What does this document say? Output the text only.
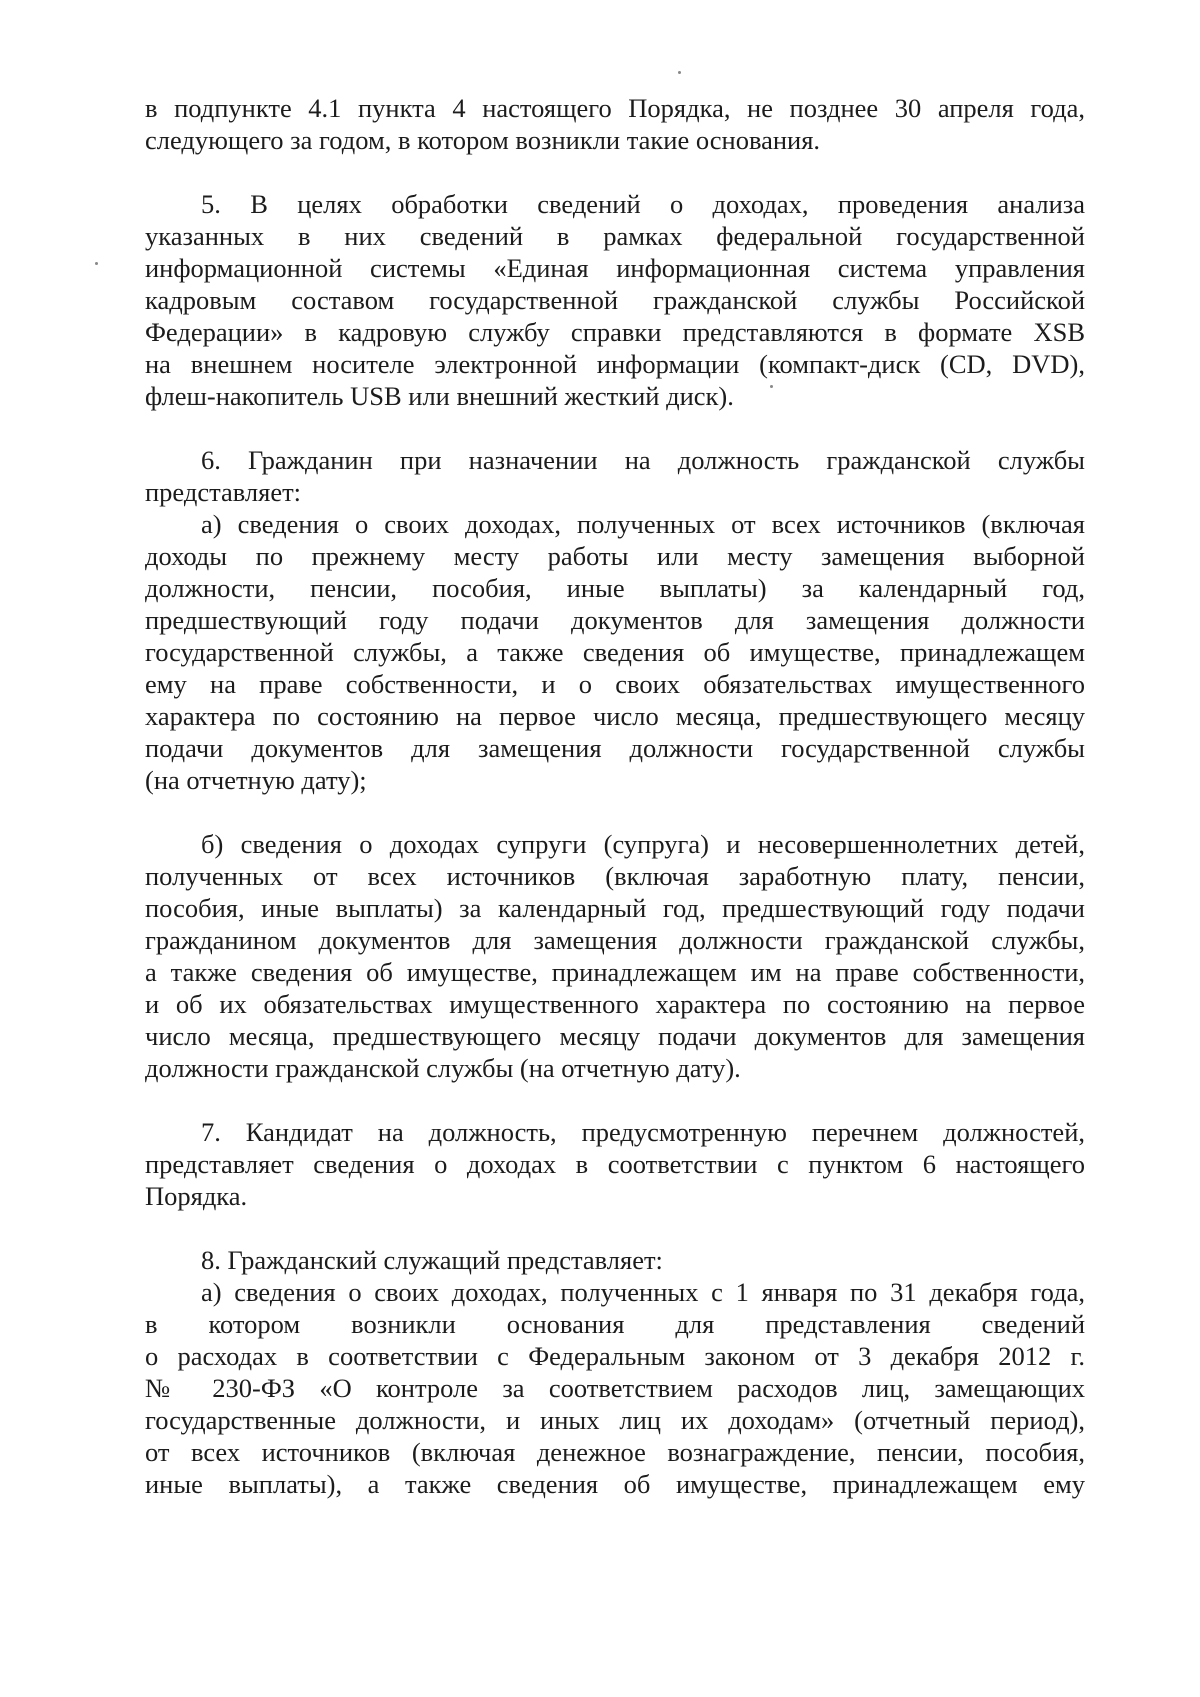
в подпункте 4.1 пункта 4 настоящего Порядка, не позднее 30 апреля года,
следующего за годом, в котором возникли такие основания.

5. В целях обработки сведений о доходах, проведения анализа
указанных в них сведений в рамках федеральной государственной
информационной системы «Единая информационная система управления
кадровым составом государственной гражданской службы Российской
Федерации» в кадровую службу справки представляются в формате XSB
на внешнем носителе электронной информации (компакт-диск (CD, DVD),
флеш-накопитель USB или внешний жесткий диск).

6. Гражданин при назначении на должность гражданской службы
представляет:

а) сведения о своих доходах, полученных от всех источников (включая
доходы по прежнему месту работы или месту замещения выборной
должности, пенсии, пособия, иные выплаты) за календарный год,
предшествующий году подачи документов для замещения должности
государственной службы, а также сведения об имуществе, принадлежащем
ему на праве собственности, и о своих обязательствах имущественного
характера по состоянию на первое число месяца, предшествующего месяцу
подачи документов для замещения должности государственной службы
(на отчетную дату);

б) сведения о доходах супруги (супруга) и несовершеннолетних детей,
полученных от всех источников (включая заработную плату, пенсии,
пособия, иные выплаты) за календарный год, предшествующий году подачи
гражданином документов для замещения должности гражданской службы,
а также сведения об имуществе, принадлежащем им на праве собственности,
и об их обязательствах имущественного характера по состоянию на первое
число месяца, предшествующего месяцу подачи документов для замещения
должности гражданской службы (на отчетную дату).

7. Кандидат на должность, предусмотренную перечнем должностей,
представляет сведения о доходах в соответствии с пунктом 6 настоящего
Порядка.

8. Гражданский служащий представляет:

а) сведения о своих доходах, полученных с 1 января по 31 декабря года,
в котором возникли основания для представления сведений
о расходах в соответствии с Федеральным законом от 3 декабря 2012 г.
№ 230-ФЗ «О контроле за соответствием расходов лиц, замещающих
государственные должности, и иных лиц их доходам» (отчетный период),
от всех источников (включая денежное вознаграждение, пенсии, пособия,
иные выплаты), а также сведения об имуществе, принадлежащем ему
